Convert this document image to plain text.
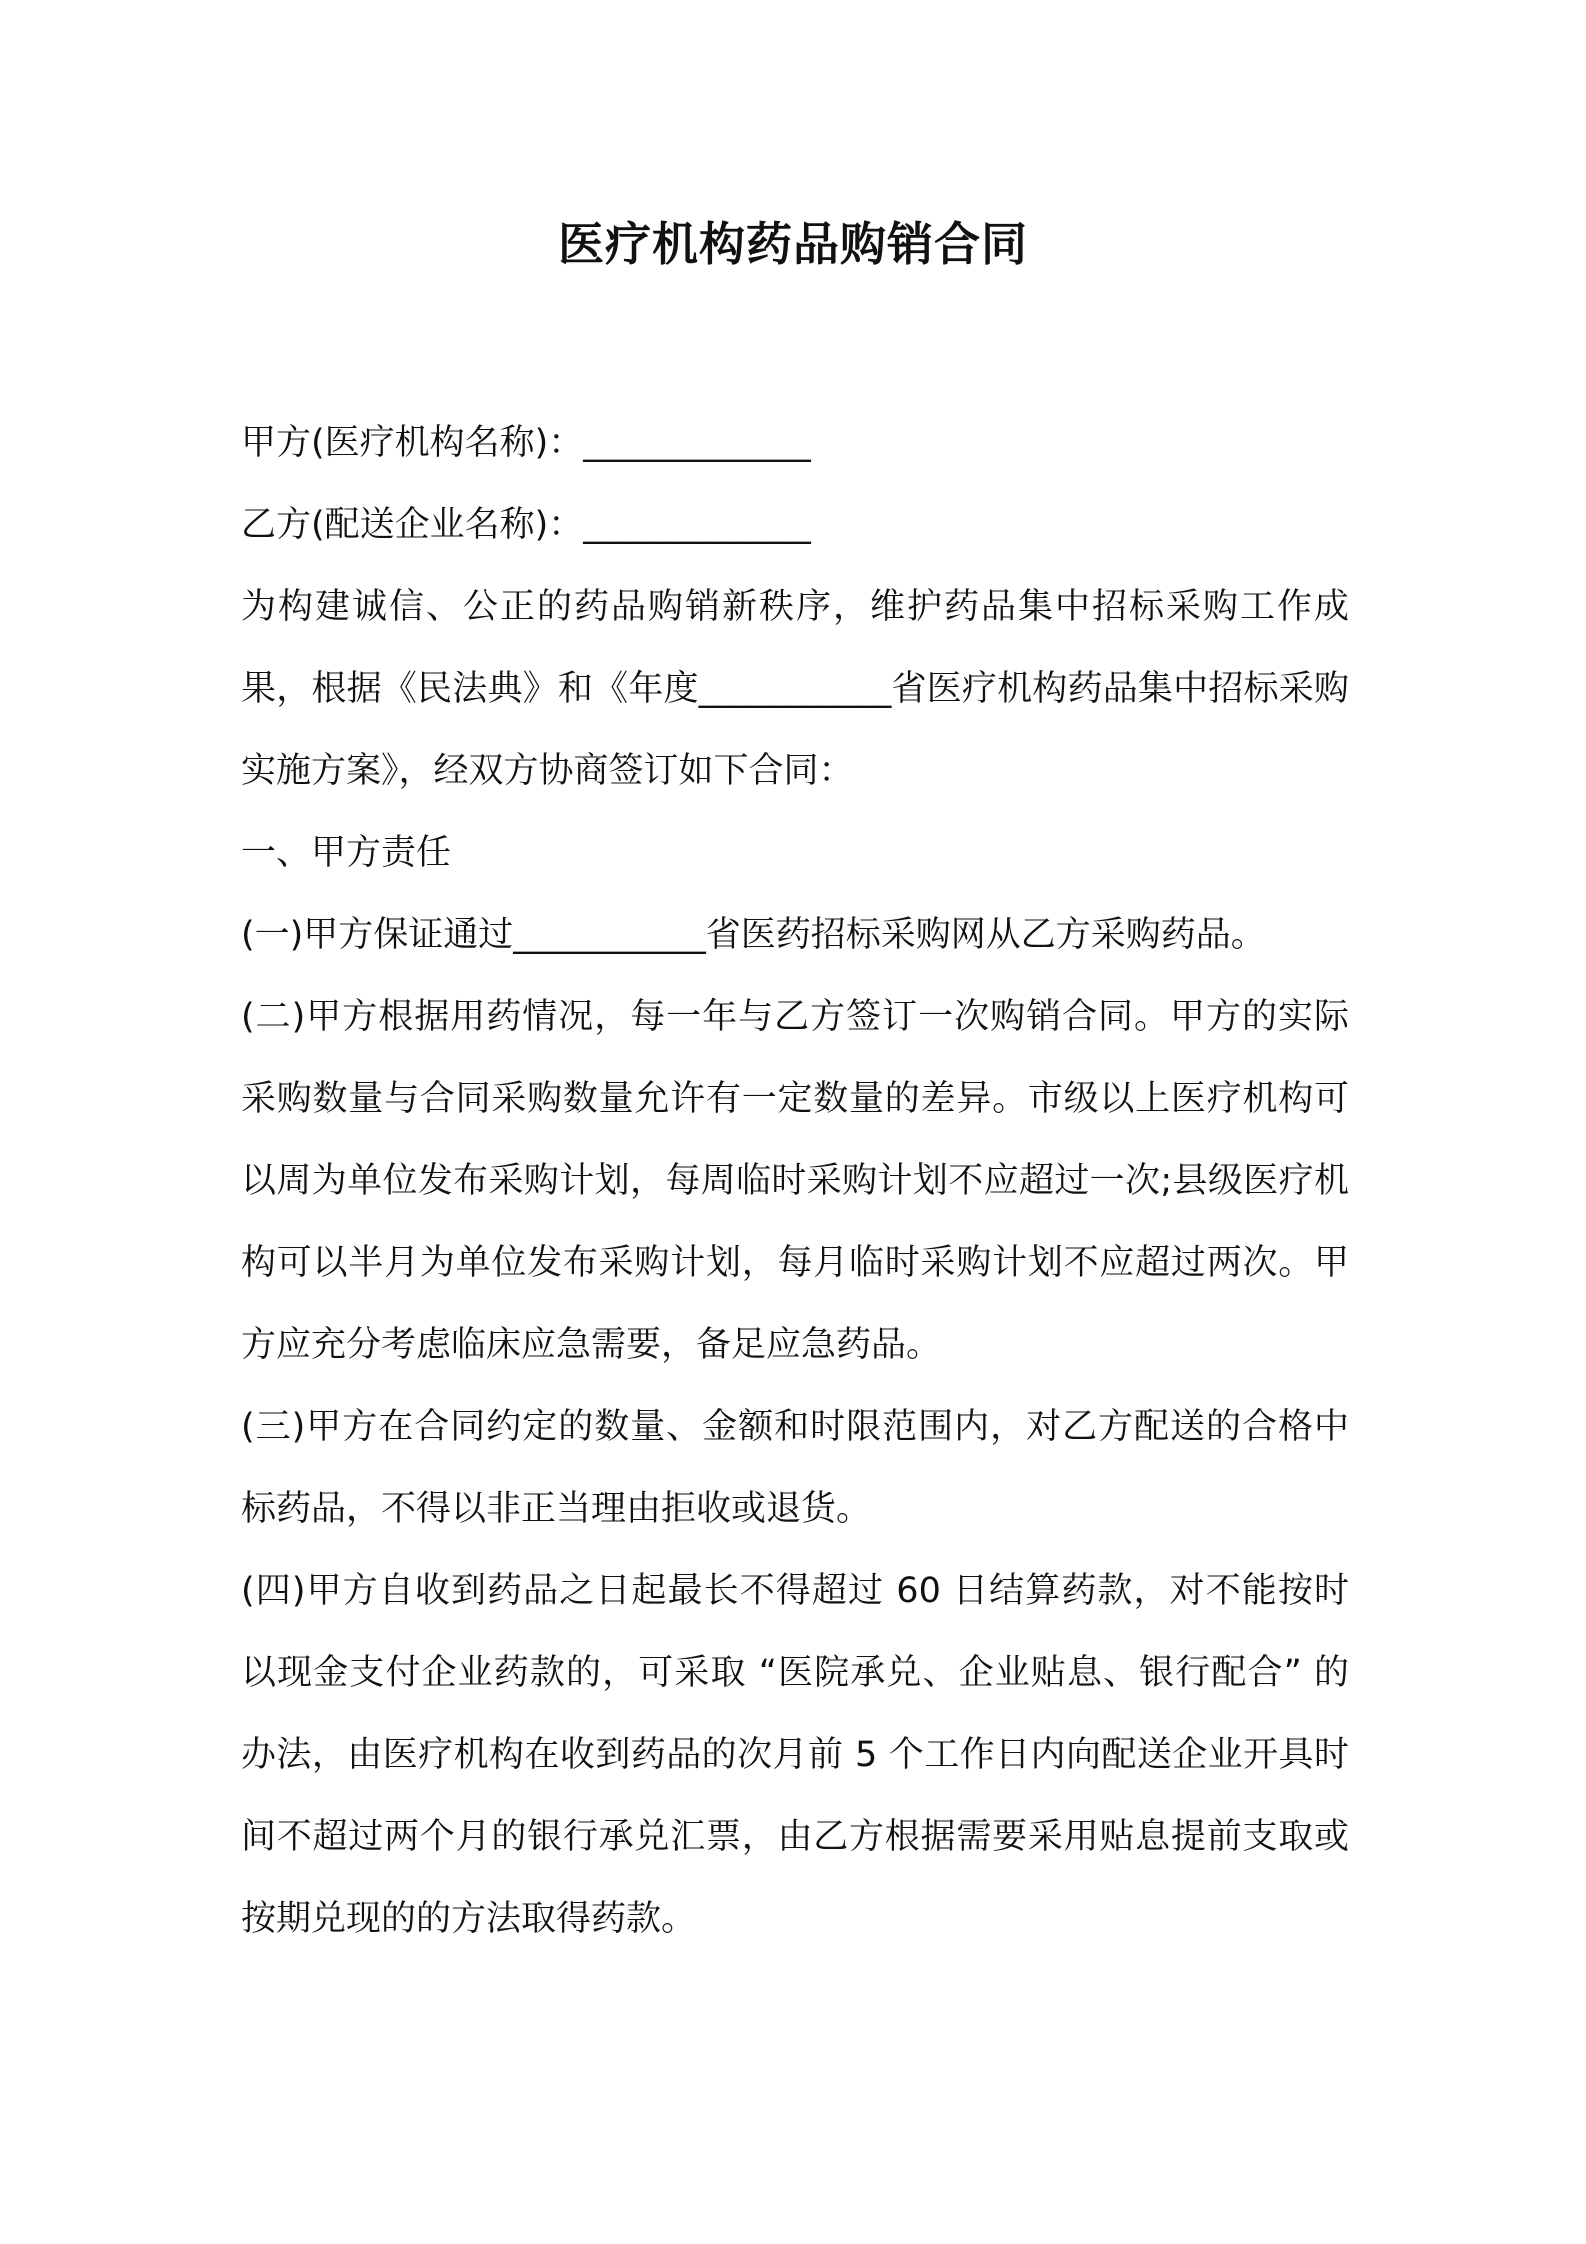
医疗机构药品购销合同

甲方(医疗机构名称)：_____________

乙方(配送企业名称)：_____________

为构建诚信、公正的药品购销新秩序，维护药品集中招标采购工作成果，根据《民法典》和《年度___________省医疗机构药品集中招标采购实施方案》，经双方协商签订如下合同：

一、甲方责任

(一)甲方保证通过___________省医药招标采购网从乙方采购药品。

(二)甲方根据用药情况，每一年与乙方签订一次购销合同。甲方的实际采购数量与合同采购数量允许有一定数量的差异。市级以上医疗机构可以周为单位发布采购计划，每周临时采购计划不应超过一次;县级医疗机构可以半月为单位发布采购计划，每月临时采购计划不应超过两次。甲方应充分考虑临床应急需要，备足应急药品。

(三)甲方在合同约定的数量、金额和时限范围内，对乙方配送的合格中标药品，不得以非正当理由拒收或退货。

(四)甲方自收到药品之日起最长不得超过 60 日结算药款，对不能按时以现金支付企业药款的，可采取 “医院承兑、企业贴息、银行配合” 的办法，由医疗机构在收到药品的次月前 5 个工作日内向配送企业开具时间不超过两个月的银行承兑汇票，由乙方根据需要采用贴息提前支取或按期兑现的的方法取得药款。
